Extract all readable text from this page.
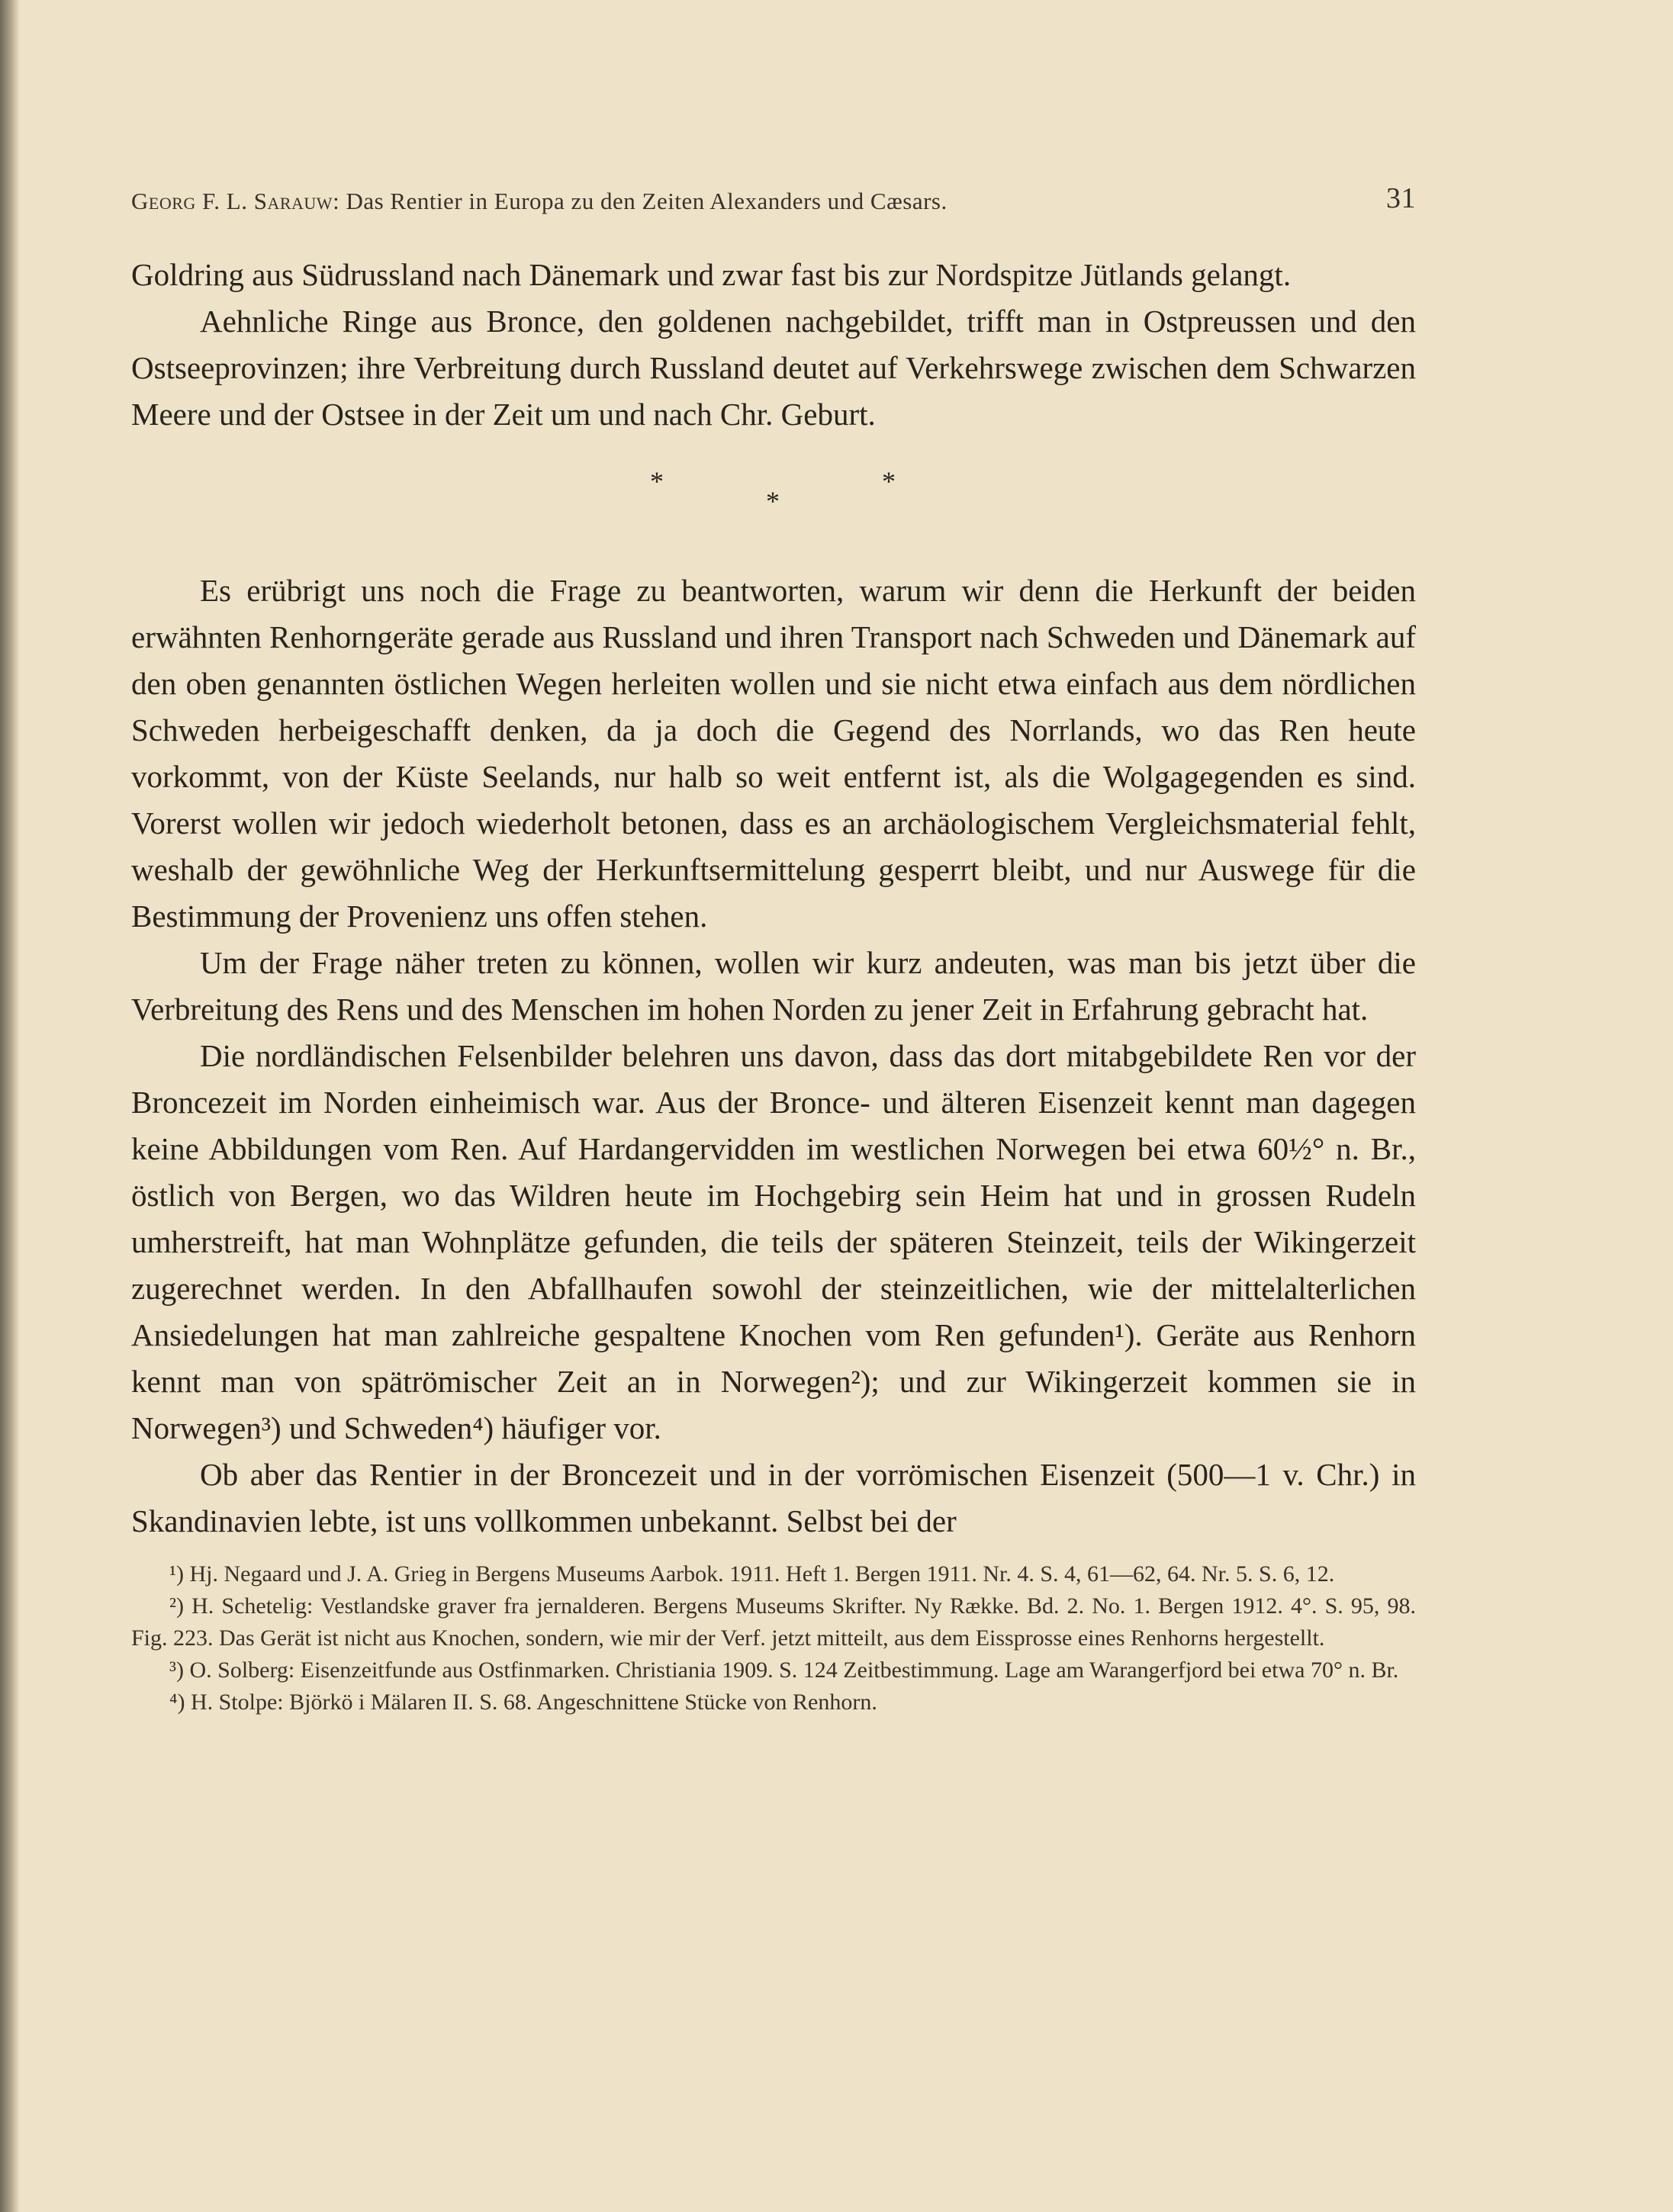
Georg F. L. Sarauw: Das Rentier in Europa zu den Zeiten Alexanders und Cæsars.	31

Goldring aus Südrussland nach Dänemark und zwar fast bis zur Nordspitze Jütlands gelangt.

Aehnliche Ringe aus Bronce, den goldenen nachgebildet, trifft man in Ostpreussen und den Ostseeprovinzen; ihre Verbreitung durch Russland deutet auf Verkehrswege zwischen dem Schwarzen Meere und der Ostsee in der Zeit um und nach Chr. Geburt.

*
*
*

Es erübrigt uns noch die Frage zu beantworten, warum wir denn die Herkunft der beiden erwähnten Renhorngeräte gerade aus Russland und ihren Transport nach Schweden und Dänemark auf den oben genannten östlichen Wegen herleiten wollen und sie nicht etwa einfach aus dem nördlichen Schweden herbeigeschafft denken, da ja doch die Gegend des Norrlands, wo das Ren heute vorkommt, von der Küste Seelands, nur halb so weit entfernt ist, als die Wolgagegenden es sind. Vorerst wollen wir jedoch wiederholt betonen, dass es an archäologischem Vergleichsmaterial fehlt, weshalb der gewöhnliche Weg der Herkunftsermittelung gesperrt bleibt, und nur Auswege für die Bestimmung der Provenienz uns offen stehen.

Um der Frage näher treten zu können, wollen wir kurz andeuten, was man bis jetzt über die Verbreitung des Rens und des Menschen im hohen Norden zu jener Zeit in Erfahrung gebracht hat.

Die nordländischen Felsenbilder belehren uns davon, dass das dort mitabgebildete Ren vor der Broncezeit im Norden einheimisch war. Aus der Bronce- und älteren Eisenzeit kennt man dagegen keine Abbildungen vom Ren. Auf Hardangervidden im westlichen Norwegen bei etwa 60½° n. Br., östlich von Bergen, wo das Wildren heute im Hochgebirg sein Heim hat und in grossen Rudeln umherstreift, hat man Wohnplätze gefunden, die teils der späteren Steinzeit, teils der Wikingerzeit zugerechnet werden. In den Abfallhaufen sowohl der steinzeitlichen, wie der mittelalterlichen Ansiedelungen hat man zahlreiche gespaltene Knochen vom Ren gefunden¹). Geräte aus Renhorn kennt man von spätrömischer Zeit an in Norwegen²); und zur Wikingerzeit kommen sie in Norwegen³) und Schweden⁴) häufiger vor.

Ob aber das Rentier in der Broncezeit und in der vorrömischen Eisenzeit (500—1 v. Chr.) in Skandinavien lebte, ist uns vollkommen unbekannt. Selbst bei der

¹) Hj. Negaard und J. A. Grieg in Bergens Museums Aarbok. 1911. Heft 1. Bergen 1911. Nr. 4. S. 4, 61—62, 64. Nr. 5. S. 6, 12.

²) H. Schetelig: Vestlandske graver fra jernalderen. Bergens Museums Skrifter. Ny Række. Bd. 2. No. 1. Bergen 1912. 4°. S. 95, 98. Fig. 223. Das Gerät ist nicht aus Knochen, sondern, wie mir der Verf. jetzt mitteilt, aus dem Eissprosse eines Renhorns hergestellt.

³) O. Solberg: Eisenzeitfunde aus Ostfinmarken. Christiania 1909. S. 124 Zeitbestimmung. Lage am Warangerfjord bei etwa 70° n. Br.

⁴) H. Stolpe: Björkö i Mälaren II. S. 68. Angeschnittene Stücke von Renhorn.
